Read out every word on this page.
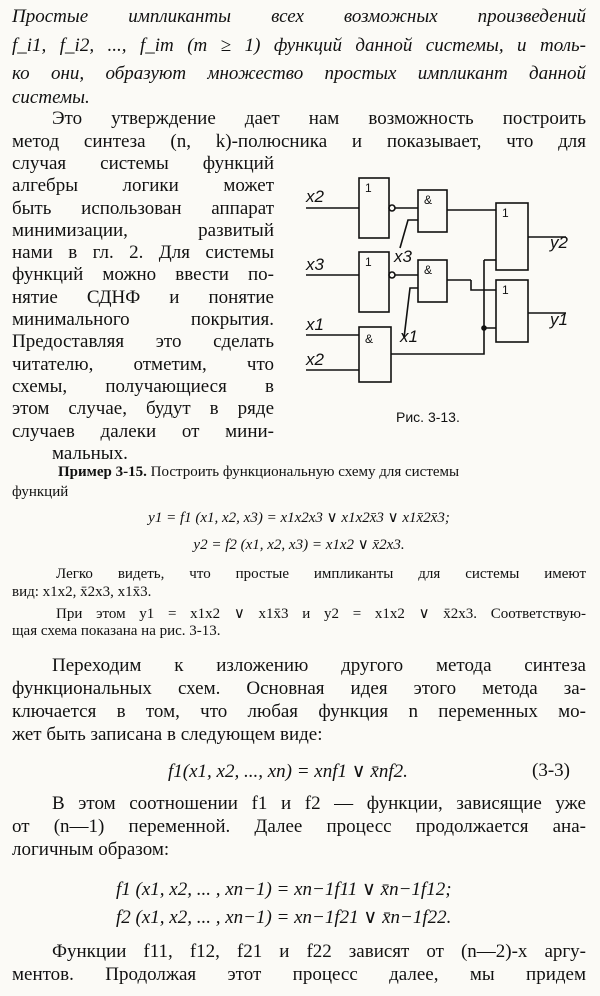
Простые импликанты всех возможных произведений
f_i1, f_i2, ..., f_im (m ≥ 1) функций данной системы, и толь-
ко они, образуют множество простых импликант данной
системы.
Это утверждение дает нам возможность построить
метод синтеза (n, k)-полюсника и показывает, что для
случая системы функций
алгебры логики может
быть использован аппарат
минимизации, развитый
нами в гл. 2. Для системы
функций можно ввести по-
нятие СДНФ и понятие
минимального покрытия.
Предоставляя это сделать
читателю, отметим, что
схемы, получающиеся в
этом случае, будут в ряде
случаев далеки от мини-
мальных.
1
&
1
&
1
1
&
x2
x3
x1
x2
x3
x1
y2
y1
Рис. 3-13.
Пример 3-15. Построить функциональную схему для системы
функций
y1 = f1 (x1, x2, x3) = x1x2x3 ∨ x1x2x̄3 ∨ x1x̄2x̄3;
y2 = f2 (x1, x2, x3) = x1x2 ∨ x̄2x3.
Легко видеть, что простые импликанты для системы имеют
вид: x1x2, x̄2x3, x1x̄3.
При этом y1 = x1x2 ∨ x1x̄3 и y2 = x1x2 ∨ x̄2x3. Соответствую-
щая схема показана на рис. 3-13.
Переходим к изложению другого метода синтеза
функциональных схем. Основная идея этого метода за-
ключается в том, что любая функция n переменных мо-
жет быть записана в следующем виде:
f1(x1, x2, ..., xn) = xnf1 ∨ x̄nf2.	(3-3)
В этом соотношении f1 и f2 — функции, зависящие уже
от (n—1) переменной. Далее процесс продолжается ана-
логичным образом:
f1 (x1, x2, ... , xn−1) = xn−1f11 ∨ x̄n−1f12;
f2 (x1, x2, ... , xn−1) = xn−1f21 ∨ x̄n−1f22.
Функции f11, f12, f21 и f22 зависят от (n—2)-х аргу-
ментов. Продолжая этот процесс далее, мы придем
